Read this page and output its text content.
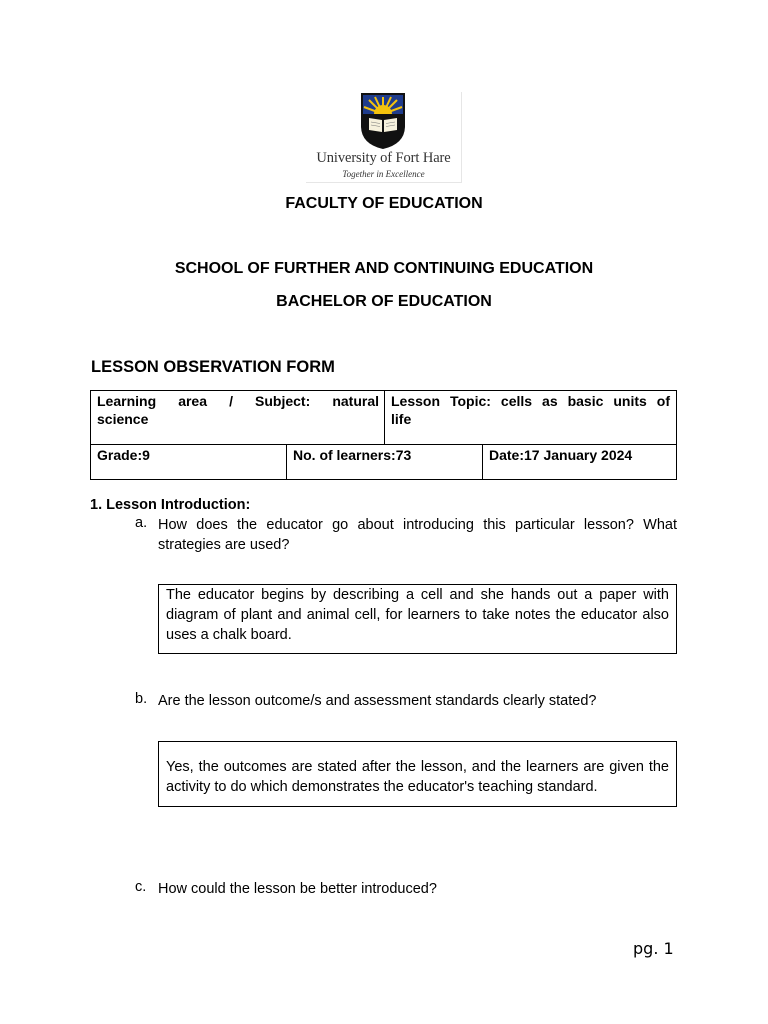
University of Fort Hare
Together in Excellence
FACULTY OF EDUCATION
SCHOOL OF FURTHER AND CONTINUING EDUCATION
BACHELOR OF EDUCATION
LESSON OBSERVATION FORM
Learning area / Subject: natural
science
Lesson Topic: cells as basic units of
life
Grade:9	No. of learners:73	Date:17 January 2024
1. Lesson Introduction:
a. How does the educator go about introducing this particular lesson? What
strategies are used?
The educator begins by describing a cell and she hands out a paper with diagram of plant and animal cell, for learners to take notes the educator also uses a chalk board.
b. Are the lesson outcome/s and assessment standards clearly stated?
Yes, the outcomes are stated after the lesson, and the learners are given the activity to do which demonstrates the educator's teaching standard.
c. How could the lesson be better introduced?
pg. 1
